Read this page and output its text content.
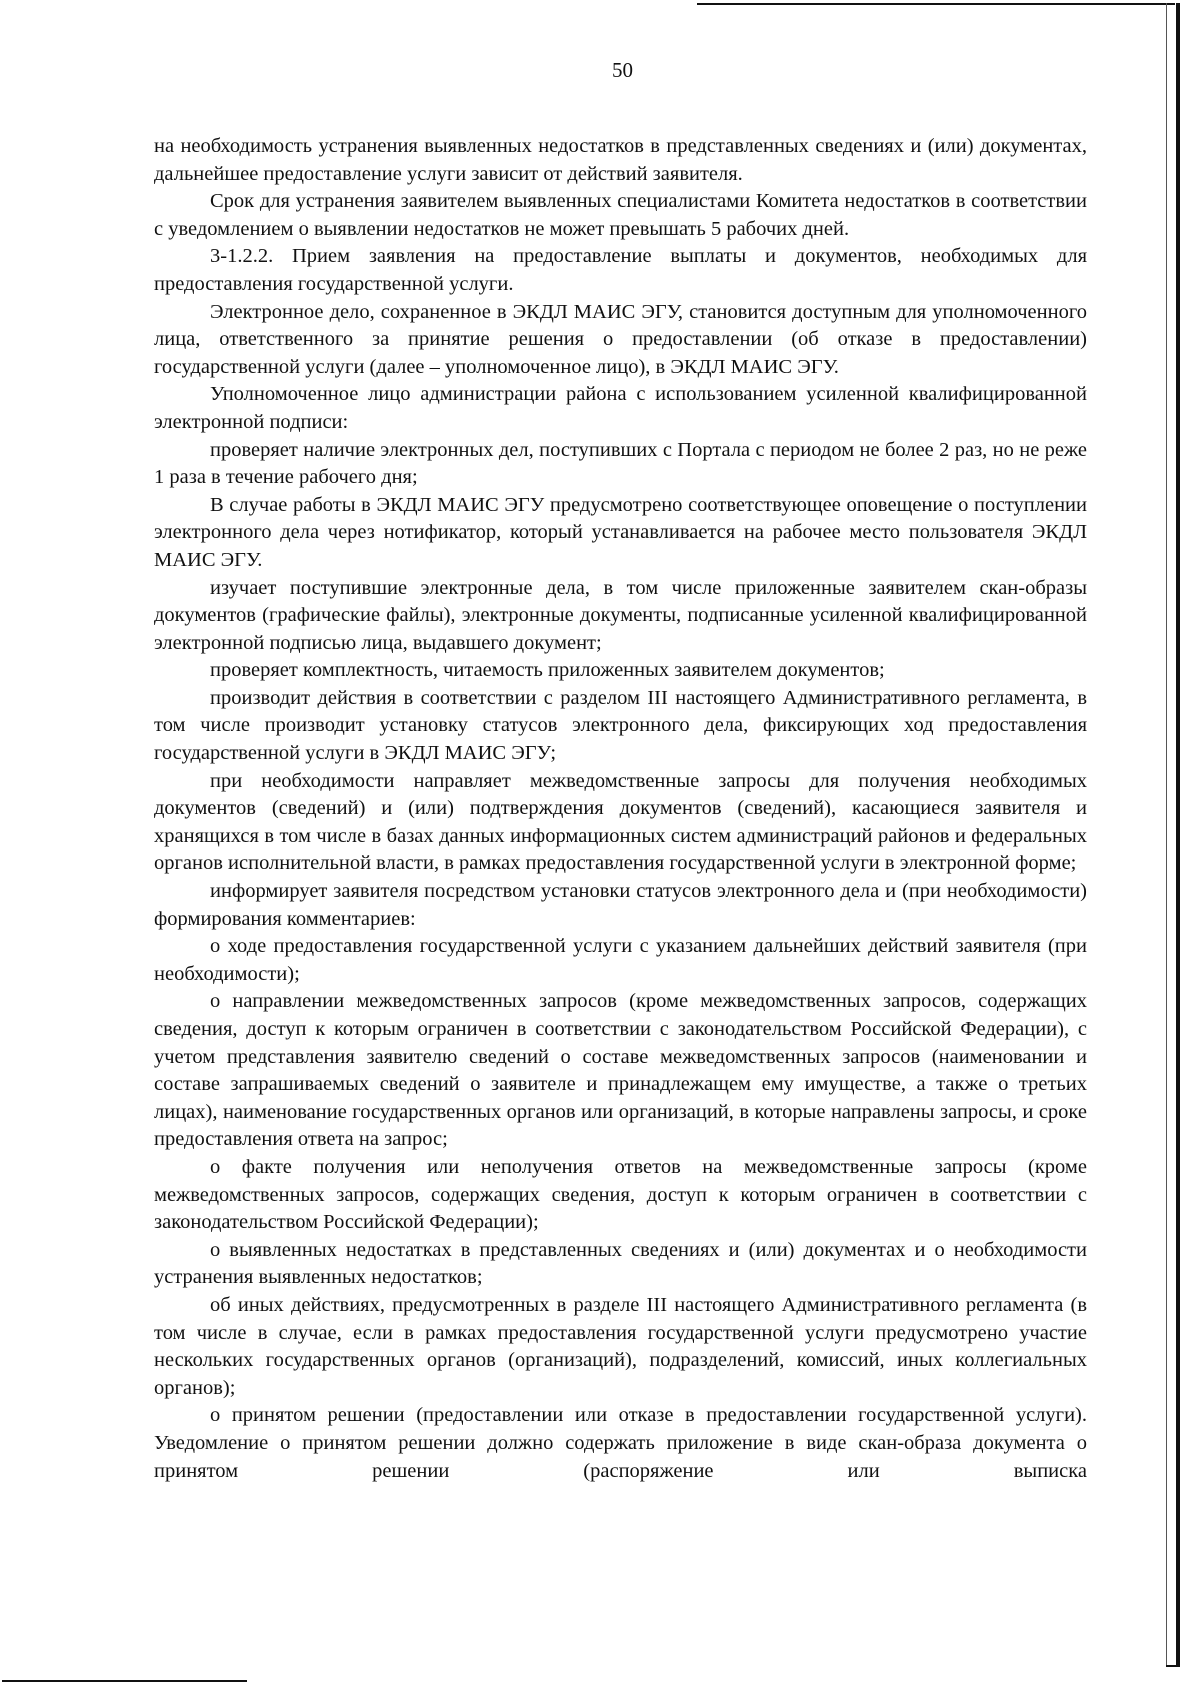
50

на необходимость устранения выявленных недостатков в представленных сведениях и (или) документах, дальнейшее предоставление услуги зависит от действий заявителя.

Срок для устранения заявителем выявленных специалистами Комитета недостатков в соответствии с уведомлением о выявлении недостатков не может превышать 5 рабочих дней.

3-1.2.2. Прием заявления на предоставление выплаты и документов, необходимых для предоставления государственной услуги.

Электронное дело, сохраненное в ЭКДЛ МАИС ЭГУ, становится доступным для уполномоченного лица, ответственного за принятие решения о предоставлении (об отказе в предоставлении) государственной услуги (далее – уполномоченное лицо), в ЭКДЛ МАИС ЭГУ.

Уполномоченное лицо администрации района с использованием усиленной квалифицированной электронной подписи:

проверяет наличие электронных дел, поступивших с Портала с периодом не более 2 раз, но не реже 1 раза в течение рабочего дня;

В случае работы в ЭКДЛ МАИС ЭГУ предусмотрено соответствующее оповещение о поступлении электронного дела через нотификатор, который устанавливается на рабочее место пользователя ЭКДЛ МАИС ЭГУ.

изучает поступившие электронные дела, в том числе приложенные заявителем скан-образы документов (графические файлы), электронные документы, подписанные усиленной квалифицированной электронной подписью лица, выдавшего документ;

проверяет комплектность, читаемость приложенных заявителем документов;

производит действия в соответствии с разделом III настоящего Административного регламента, в том числе производит установку статусов электронного дела, фиксирующих ход предоставления государственной услуги в ЭКДЛ МАИС ЭГУ;

при необходимости направляет межведомственные запросы для получения необходимых документов (сведений) и (или) подтверждения документов (сведений), касающиеся заявителя и хранящихся в том числе в базах данных информационных систем администраций районов и федеральных органов исполнительной власти, в рамках предоставления государственной услуги в электронной форме;

информирует заявителя посредством установки статусов электронного дела и (при необходимости) формирования комментариев:

о ходе предоставления государственной услуги с указанием дальнейших действий заявителя (при необходимости);

о направлении межведомственных запросов (кроме межведомственных запросов, содержащих сведения, доступ к которым ограничен в соответствии с законодательством Российской Федерации), с учетом представления заявителю сведений о составе межведомственных запросов (наименовании и составе запрашиваемых сведений о заявителе и принадлежащем ему имуществе, а также о третьих лицах), наименование государственных органов или организаций, в которые направлены запросы, и сроке предоставления ответа на запрос;

о факте получения или неполучения ответов на межведомственные запросы (кроме межведомственных запросов, содержащих сведения, доступ к которым ограничен в соответствии с законодательством Российской Федерации);

о выявленных недостатках в представленных сведениях и (или) документах и о необходимости устранения выявленных недостатков;

об иных действиях, предусмотренных в разделе III настоящего Административного регламента (в том числе в случае, если в рамках предоставления государственной услуги предусмотрено участие нескольких государственных органов (организаций), подразделений, комиссий, иных коллегиальных органов);

о принятом решении (предоставлении или отказе в предоставлении государственной услуги). Уведомление о принятом решении должно содержать приложение в виде скан-образа документа о принятом решении (распоряжение или выписка
